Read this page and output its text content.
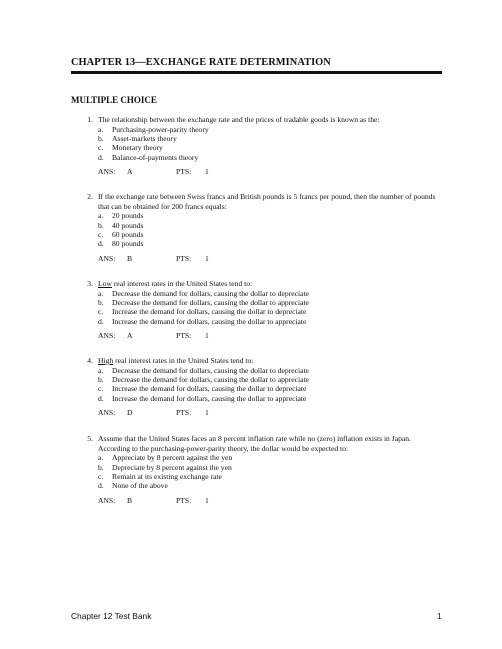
CHAPTER 13—EXCHANGE RATE DETERMINATION
MULTIPLE CHOICE
1. The relationship between the exchange rate and the prices of tradable goods is known as the:
a. Purchasing-power-parity theory
b. Asset-markets theory
c. Monetary theory
d. Balance-of-payments theory
ANS: A	PTS: 1
2. If the exchange rate between Swiss francs and British pounds is 5 francs per pound, then the number of pounds that can be obtained for 200 francs equals:
a. 20 pounds
b. 40 pounds
c. 60 pounds
d. 80 pounds
ANS: B	PTS: 1
3. Low real interest rates in the United States tend to:
a. Decrease the demand for dollars, causing the dollar to depreciate
b. Decrease the demand for dollars, causing the dollar to appreciate
c. Increase the demand for dollars, causing the dollar to depreciate
d. Increase the demand for dollars, causing the dollar to appreciate
ANS: A	PTS: 1
4. High real interest rates in the United States tend to:
a. Decrease the demand for dollars, causing the dollar to depreciate
b. Decrease the demand for dollars, causing the dollar to appreciate
c. Increase the demand for dollars, causing the dollar to depreciate
d. Increase the demand for dollars, causing the dollar to appreciate
ANS: D	PTS: 1
5. Assume that the United States faces an 8 percent inflation rate while no (zero) inflation exists in Japan. According to the purchasing-power-parity theory, the dollar would be expected to:
a. Appreciate by 8 percent against the yen
b. Depreciate by 8 percent against the yen
c. Remain at its existing exchange rate
d. None of the above
ANS: B	PTS: 1
Chapter 12 Test Bank	1
